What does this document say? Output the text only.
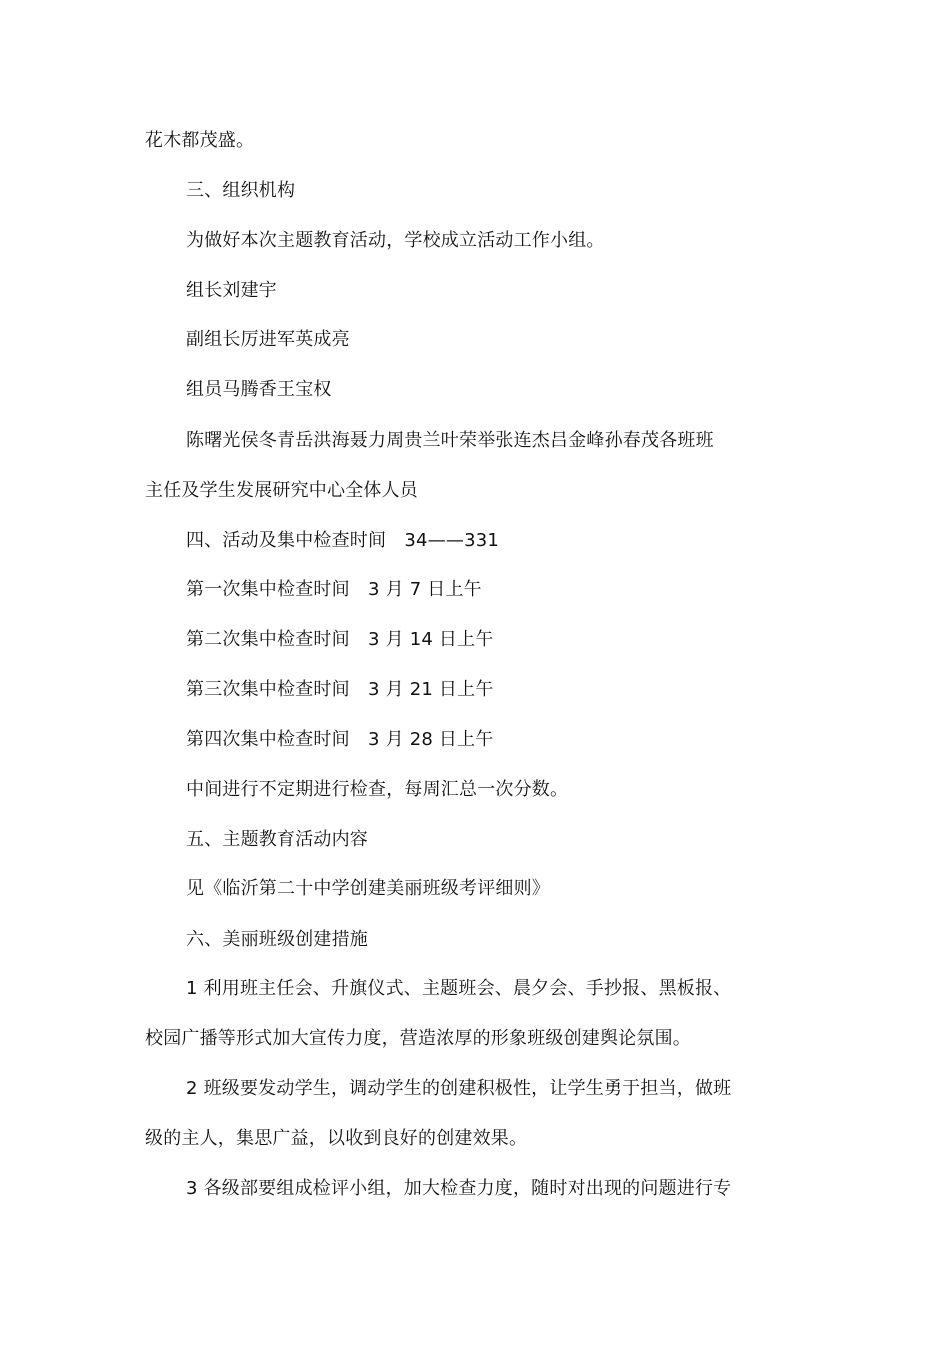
花木都茂盛。
三、组织机构
为做好本次主题教育活动，学校成立活动工作小组。
组长刘建宇
副组长厉进军英成亮
组员马腾香王宝权
陈曙光侯冬青岳洪海聂力周贵兰叶荣举张连杰吕金峰孙春茂各班班
主任及学生发展研究中心全体人员
四、活动及集中检查时间　34——331
第一次集中检查时间　3 月 7 日上午
第二次集中检查时间　3 月 14 日上午
第三次集中检查时间　3 月 21 日上午
第四次集中检查时间　3 月 28 日上午
中间进行不定期进行检查，每周汇总一次分数。
五、主题教育活动内容
见《临沂第二十中学创建美丽班级考评细则》
六、美丽班级创建措施
1 利用班主任会、升旗仪式、主题班会、晨夕会、手抄报、黑板报、
校园广播等形式加大宣传力度，营造浓厚的形象班级创建舆论氛围。
2 班级要发动学生，调动学生的创建积极性，让学生勇于担当，做班
级的主人，集思广益，以收到良好的创建效果。
3 各级部要组成检评小组，加大检查力度，随时对出现的问题进行专
